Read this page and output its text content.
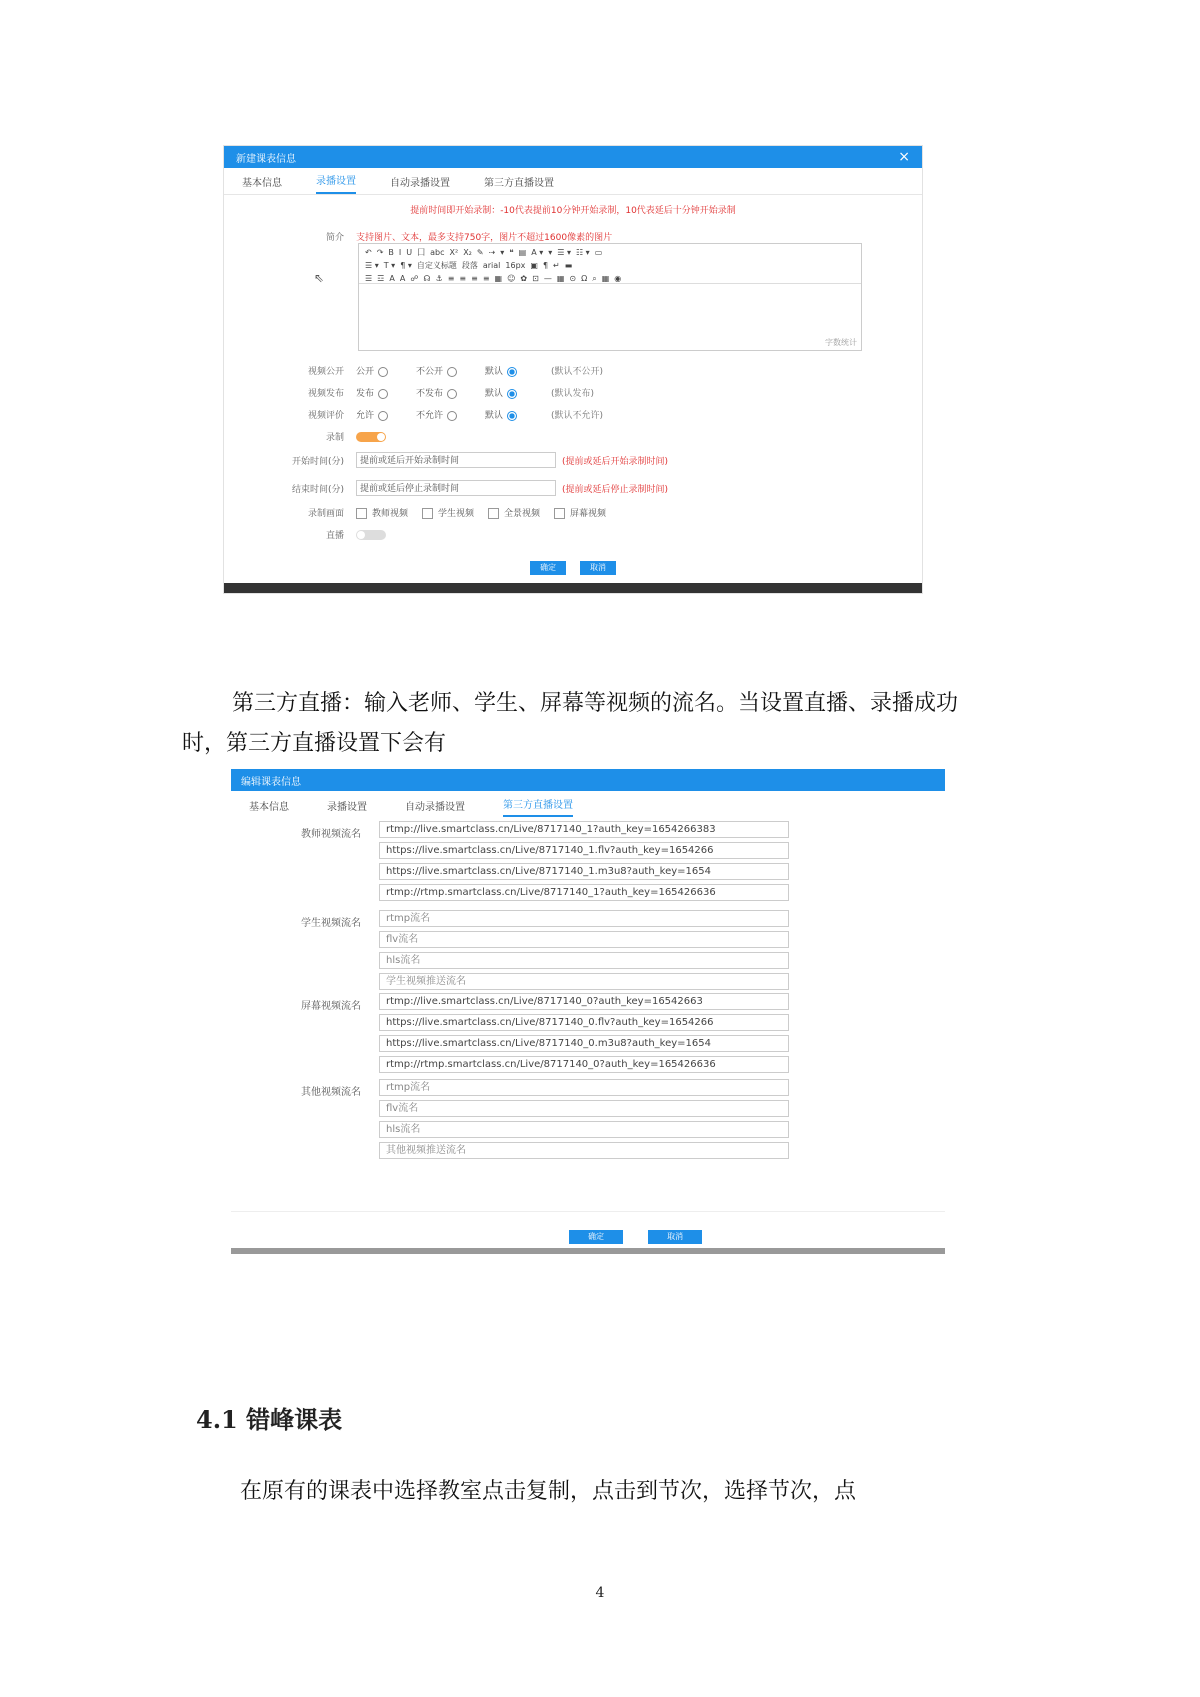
新建课表信息	×
基本信息	录播设置	自动录播设置	第三方直播设置
提前时间即开始录制：-10代表提前10分钟开始录制，10代表延后十分钟开始录制
简介	支持图片、文本，最多支持750字，图片不超过1600像素的图片
⇖
↶ ↷ B I U 囗 abc X² X₂ ✎ ⇢ ▾ ❝ ▤ A ▾ ▾ ☰ ▾ ☷ ▾ ▭
☰ ▾ T ▾ ¶ ▾ 自定义标题 段落 arial 16px ▣ ¶ ↵ ▬
☰ ☲ A A ☍ ☊ ⚓ ≡ ≡ ≡ ≡ ▦ ☺ ✿ ⊡ — ▦ ⊙ Ω ⌕ ▦ ◉
字数统计
视频公开	公开	不公开	默认	(默认不公开)
视频发布	发布	不发布	默认	(默认发布)
视频评价	允许	不允许	默认	(默认不允许)
录制
开始时间(分)	提前或延后开始录制时间	(提前或延后开始录制时间)
结束时间(分)	提前或延后停止录制时间	(提前或延后停止录制时间)
录制画面	教师视频	学生视频	全景视频	屏幕视频
直播
确定	取消
第三方直播：输入老师、学生、屏幕等视频的流名。当设置直播、录播成功
时，第三方直播设置下会有
编辑课表信息
基本信息	录播设置	自动录播设置	第三方直播设置
教师视频流名	rtmp://live.smartclass.cn/Live/8717140_1?auth_key=1654266383
https://live.smartclass.cn/Live/8717140_1.flv?auth_key=1654266
https://live.smartclass.cn/Live/8717140_1.m3u8?auth_key=1654
rtmp://rtmp.smartclass.cn/Live/8717140_1?auth_key=165426636
学生视频流名	rtmp流名
flv流名
hls流名
学生视频推送流名
屏幕视频流名	rtmp://live.smartclass.cn/Live/8717140_0?auth_key=16542663
https://live.smartclass.cn/Live/8717140_0.flv?auth_key=1654266
https://live.smartclass.cn/Live/8717140_0.m3u8?auth_key=1654
rtmp://rtmp.smartclass.cn/Live/8717140_0?auth_key=165426636
其他视频流名	rtmp流名
flv流名
hls流名
其他视频推送流名
确定	取消
4.1 错峰课表
在原有的课表中选择教室点击复制，点击到节次，选择节次，点
4
